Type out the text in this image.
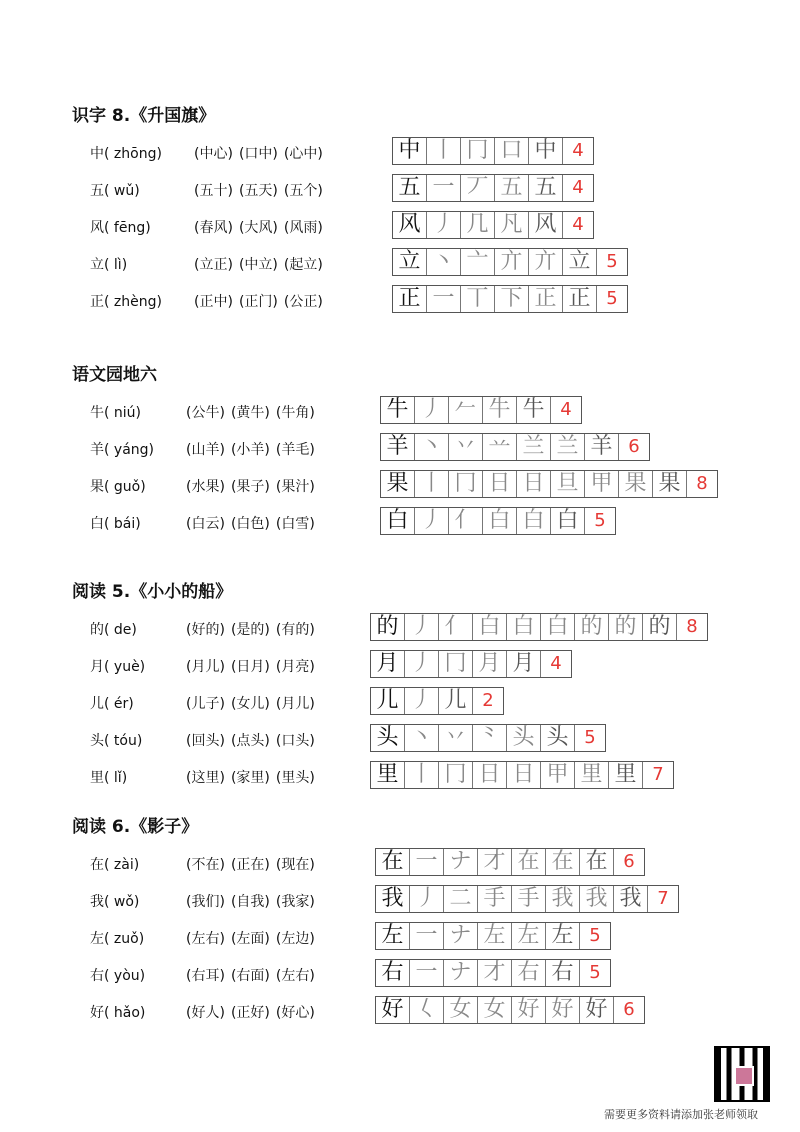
识字 8.《升国旗》
中( zhōng) (中心) (口中) (心中)	中 丨 冂 口 中 4
五( wǔ)	(五十) (五天) (五个)	五 一 丆 五 五 4
风( fēng)	(春风) (大风) (风雨)	风 丿 几 凡 风 4
立( lì)	(立正) (中立) (起立)	立 丶 亠 亣 亣 立 5
正( zhèng) (正中) (正门) (公正)	正 一 丅 下 正 正 5
语文园地六
牛( niú)	(公牛) (黄牛) (牛角)	牛 丿 𠂉 牛 牛 4
羊( yáng) (山羊) (小羊) (羊毛)	羊 丶 丷 䒑 兰 兰 羊 6
果( guǒ)	(水果) (果子) (果汁)	果 丨 冂 日 日 旦 甲 果 果 8
白( bái)	(白云) (白色) (白雪)	白 丿 亻 白 白 白 5
阅读 5.《小小的船》
的( de)	(好的) (是的) (有的)	的 丿 亻 白 白 白 的 的 的 8
月( yuè)	(月儿) (日月) (月亮)	月 丿 冂 月 月 4
儿( ér)	(儿子) (女儿) (月儿)	儿 丿 儿 2
头( tóu)	(回头) (点头) (口头)	头 丶 丷 ⺀ 头 头 5
里( lǐ)	(这里) (家里) (里头)	里 丨 冂 日 日 甲 里 里 7
阅读 6.《影子》
在( zài)	(不在) (正在) (现在)	在 一 ナ 才 在 在 在 6
我( wǒ)	(我们) (自我) (我家)	我 丿 二 手 手 我 我 我 7
左( zuǒ)	(左右) (左面) (左边)	左 一 ナ 左 左 左 5
右( yòu)	(右耳) (右面) (左右)	右 一 ナ 才 右 右 5
好( hǎo)	(好人) (正好) (好心)	好 𡿨 女 女 好 好 好 6
需要更多资料请添加张老师领取
